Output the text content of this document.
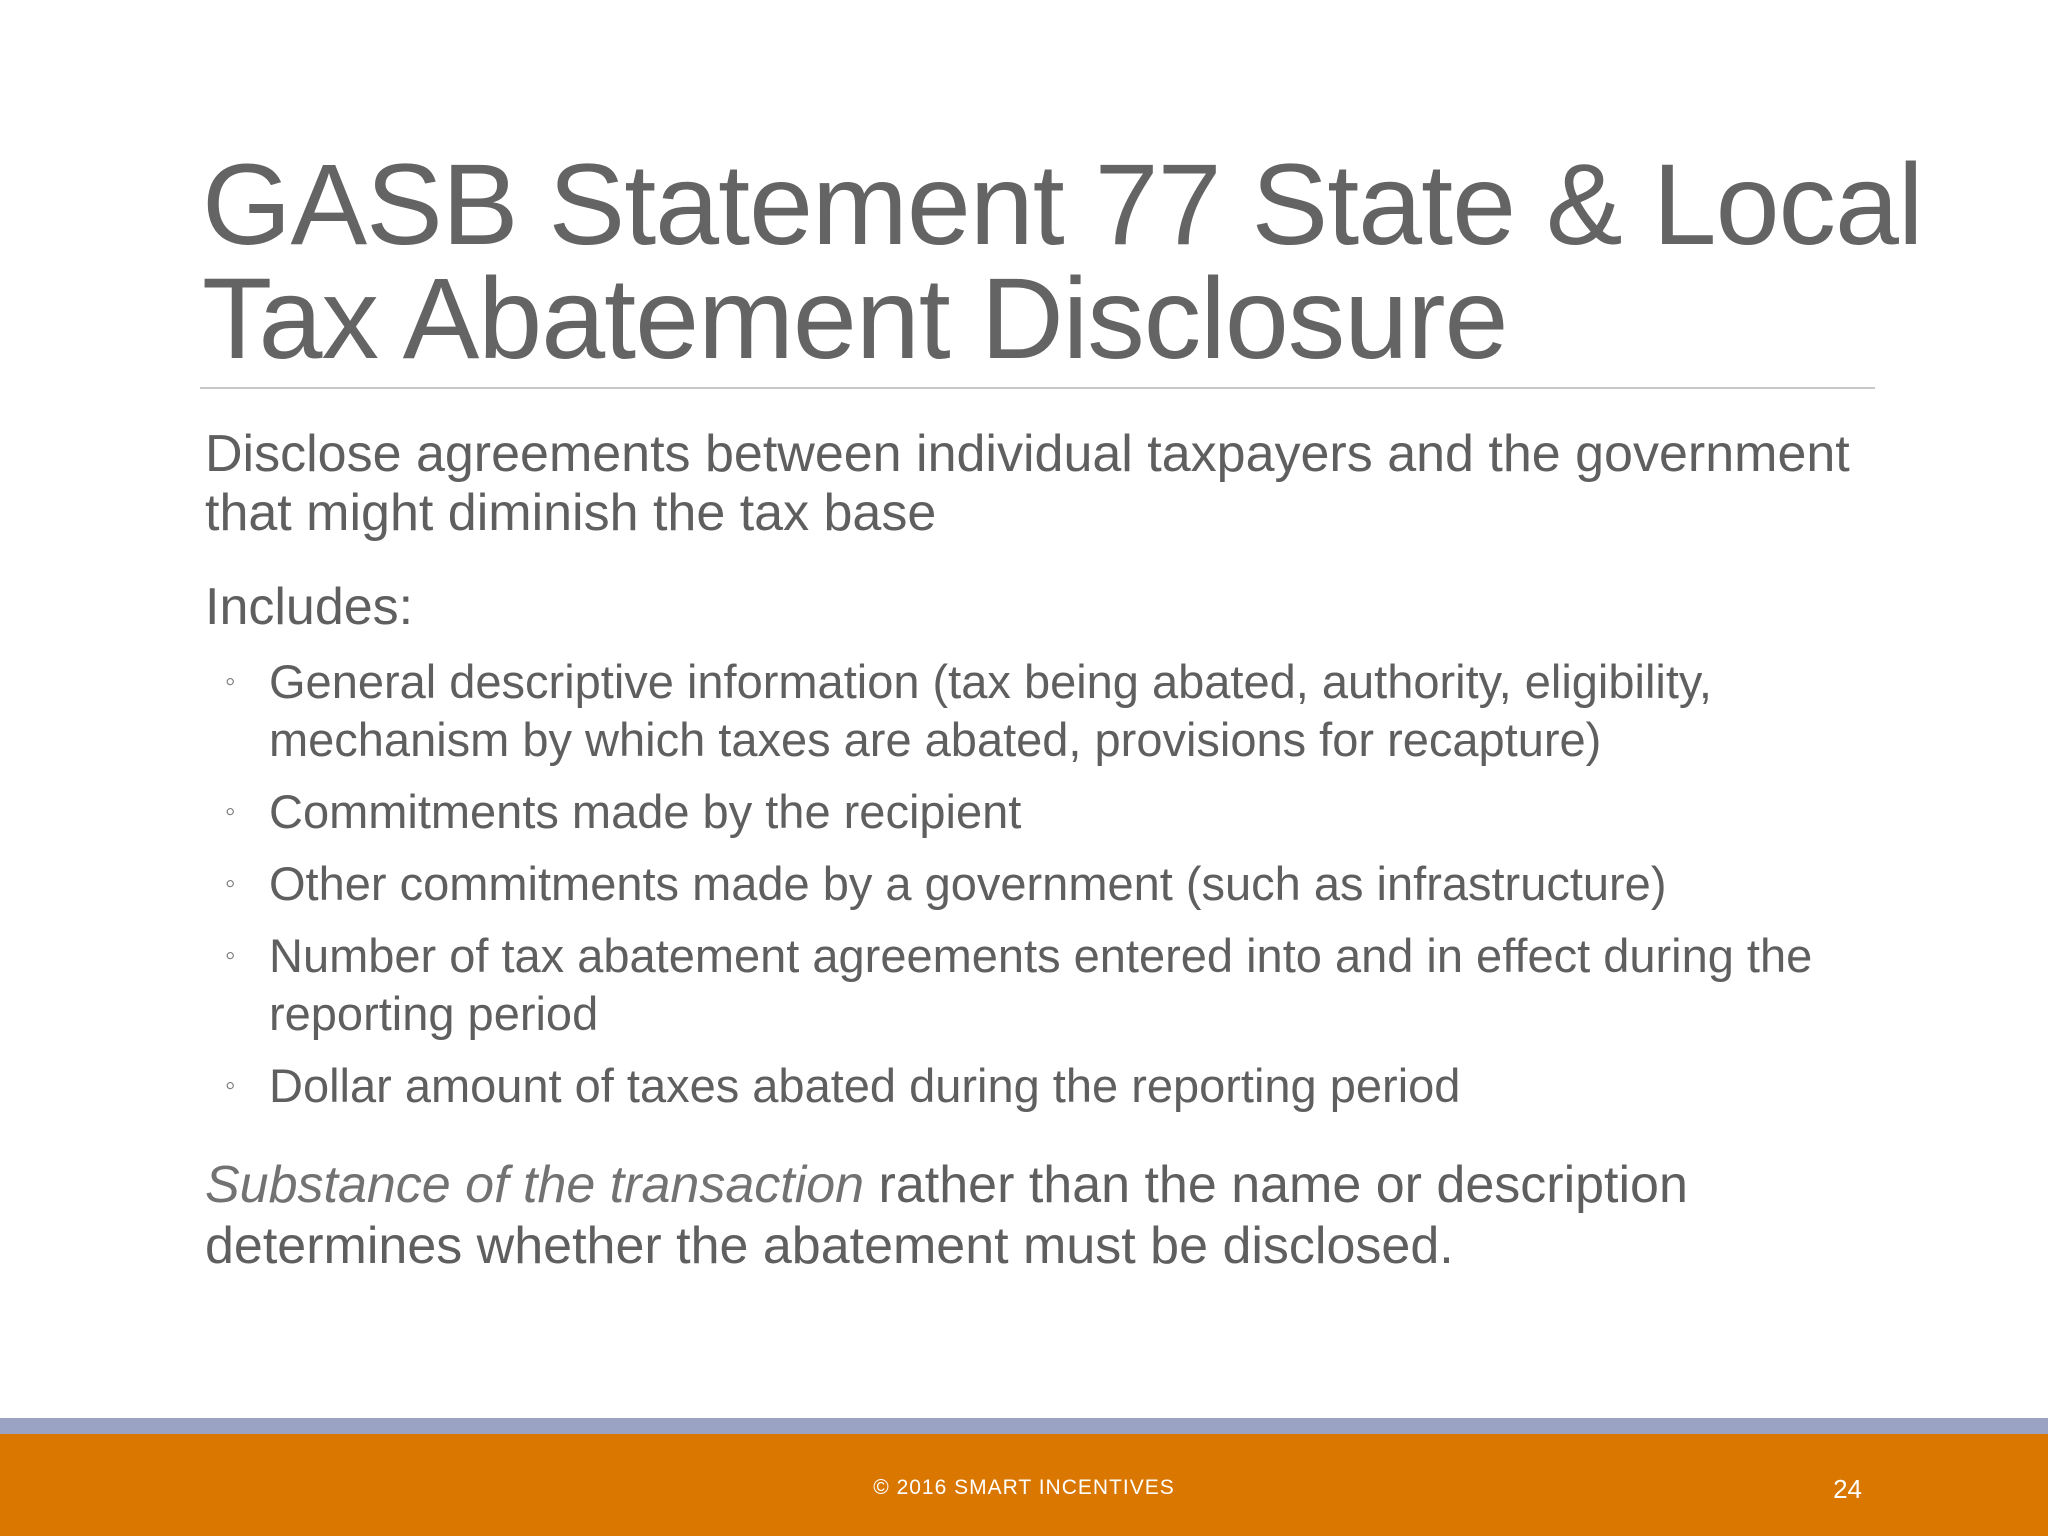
GASB Statement 77 State & Local
Tax Abatement Disclosure

Disclose agreements between individual taxpayers and the government that might diminish the tax base

Includes:

◦ General descriptive information (tax being abated, authority, eligibility, mechanism by which taxes are abated, provisions for recapture)
◦ Commitments made by the recipient
◦ Other commitments made by a government (such as infrastructure)
◦ Number of tax abatement agreements entered into and in effect during the reporting period
◦ Dollar amount of taxes abated during the reporting period

Substance of the transaction rather than the name or description determines whether the abatement must be disclosed.

© 2016 SMART INCENTIVES	24
